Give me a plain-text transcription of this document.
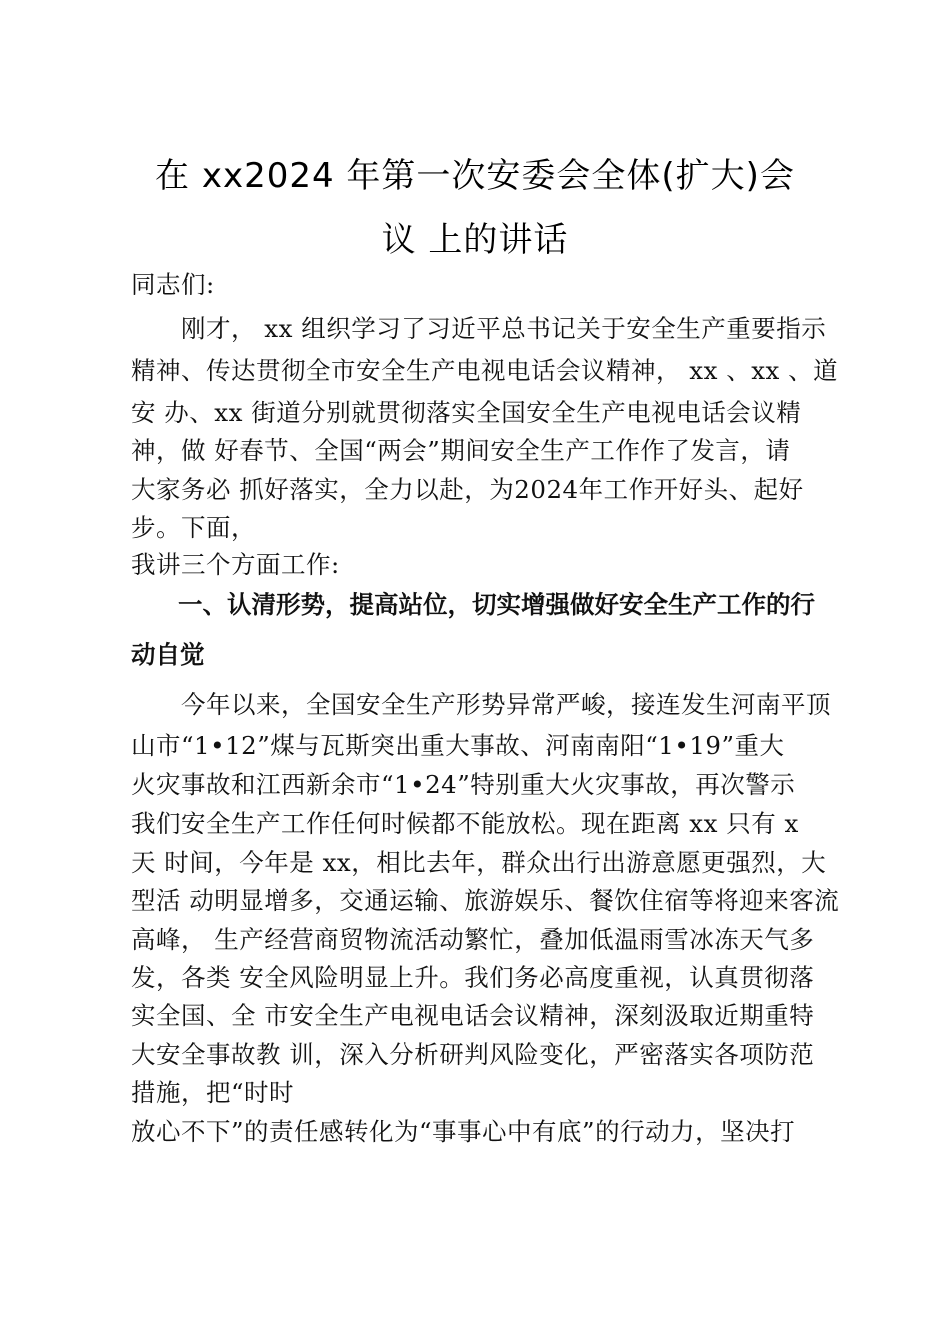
在 xx2024 年第一次安委会全体(扩大)会
议 上的讲话
同志们:
刚才， xx 组织学习了习近平总书记关于安全生产重要指示
精神、传达贯彻全市安全生产电视电话会议精神， xx 、xx 、道
安 办、xx 街道分别就贯彻落实全国安全生产电视电话会议精
神，做 好春节、全国“两会”期间安全生产工作作了发言，请
大家务必 抓好落实，全力以赴，为2024年工作开好头、起好
步。下面，
我讲三个方面工作:
一、认清形势，提高站位，切实增强做好安全生产工作的行
动自觉
今年以来，全国安全生产形势异常严峻，接连发生河南平顶
山市“1•12”煤与瓦斯突出重大事故、河南南阳“1•19”重大
火灾事故和江西新余市“1•24”特别重大火灾事故，再次警示
我们安全生产工作任何时候都不能放松。现在距离 xx 只有 x
天 时间，今年是 xx，相比去年，群众出行出游意愿更强烈，大
型活 动明显增多，交通运输、旅游娱乐、餐饮住宿等将迎来客流
高峰， 生产经营商贸物流活动繁忙，叠加低温雨雪冰冻天气多
发，各类 安全风险明显上升。我们务必高度重视，认真贯彻落
实全国、全 市安全生产电视电话会议精神，深刻汲取近期重特
大安全事故教 训，深入分析研判风险变化，严密落实各项防范
措施，把“时时
放心不下”的责任感转化为“事事心中有底”的行动力，坚决打
